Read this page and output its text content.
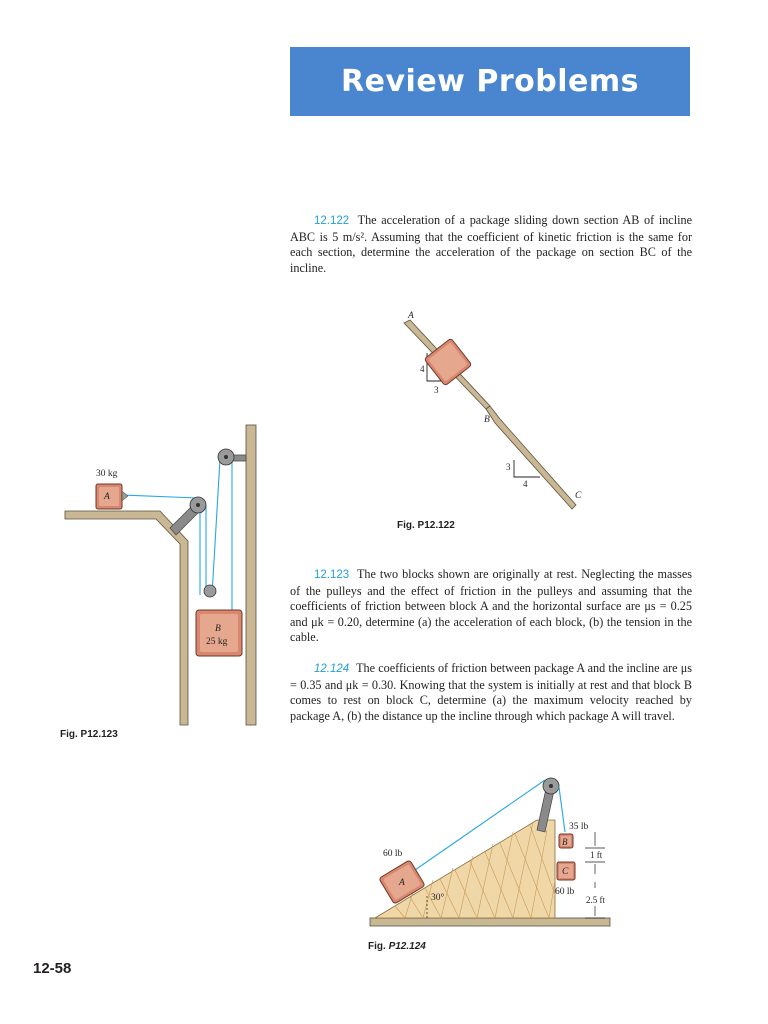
Review Problems
12.122 The acceleration of a package sliding down section AB of incline ABC is 5 m/s². Assuming that the coefficient of kinetic friction is the same for each section, determine the acceleration of the package on section BC of the incline.
A
B
C
4
3
3
4
Fig. P12.122
12.123 The two blocks shown are originally at rest. Neglecting the masses of the pulleys and the effect of friction in the pulleys and assuming that the coefficients of friction between block A and the horizontal surface are μs = 0.25 and μk = 0.20, determine (a) the acceleration of each block, (b) the tension in the cable.
12.124 The coefficients of friction between package A and the incline are μs = 0.35 and μk = 0.30. Knowing that the system is initially at rest and that block B comes to rest on block C, determine (a) the maximum velocity reached by package A, (b) the distance up the incline through which package A will travel.
30 kg
A
B
25 kg
Fig. P12.123
60 lb
A
30°
35 lb
B
1 ft
C
60 lb
2.5 ft
Fig. P12.124
12-58
